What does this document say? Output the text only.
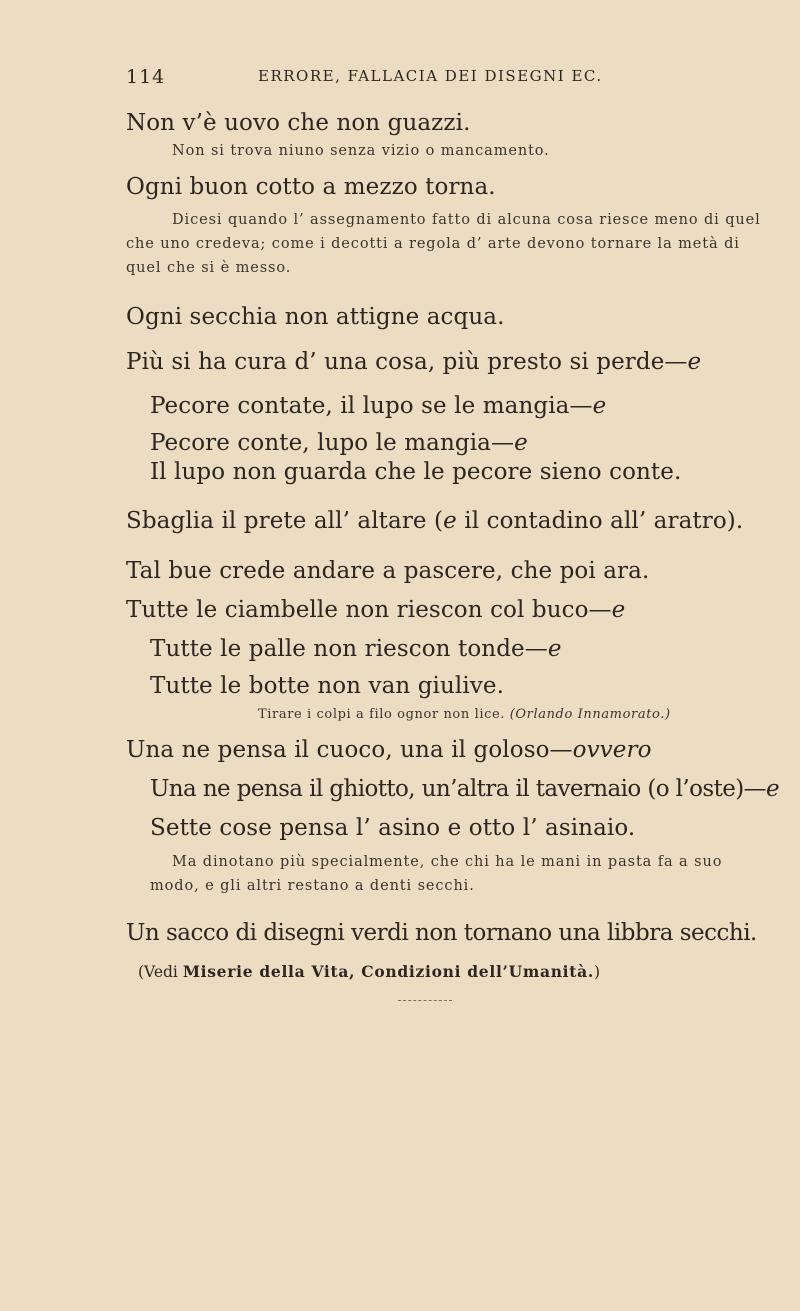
114	ERRORE, FALLACIA DEI DISEGNI EC.

Non v’è uovo che non guazzi.

Non si trova niuno senza vizio o mancamento.

Ogni buon cotto a mezzo torna.

Dicesi quando l’ assegnamento fatto di alcuna cosa riesce meno di quel che uno credeva; come i decotti a regola d’ arte devono tornare la metà di quel che si è messo.

Ogni secchia non attigne acqua.

Più si ha cura d’ una cosa, più presto si perde—e

Pecore contate, il lupo se le mangia—e

Pecore conte, lupo le mangia—e

Il lupo non guarda che le pecore sieno conte.

Sbaglia il prete all’ altare (e il contadino all’ aratro).

Tal bue crede andare a pascere, che poi ara.

Tutte le ciambelle non riescon col buco—e

Tutte le palle non riescon tonde—e

Tutte le botte non van giulive.

Tirare i colpi a filo ognor non lice. (Orlando Innamorato.)

Una ne pensa il cuoco, una il goloso—ovvero

Una ne pensa il ghiotto, un’altra il tavernaio (o l’oste)—e

Sette cose pensa l’ asino e otto l’ asinaio.

Ma dinotano più specialmente, che chi ha le mani in pasta fa a suo modo, e gli altri restano a denti secchi.

Un sacco di disegni verdi non tornano una libbra secchi.

(Vedi Miserie della Vita, Condizioni dell’Umanità.)
